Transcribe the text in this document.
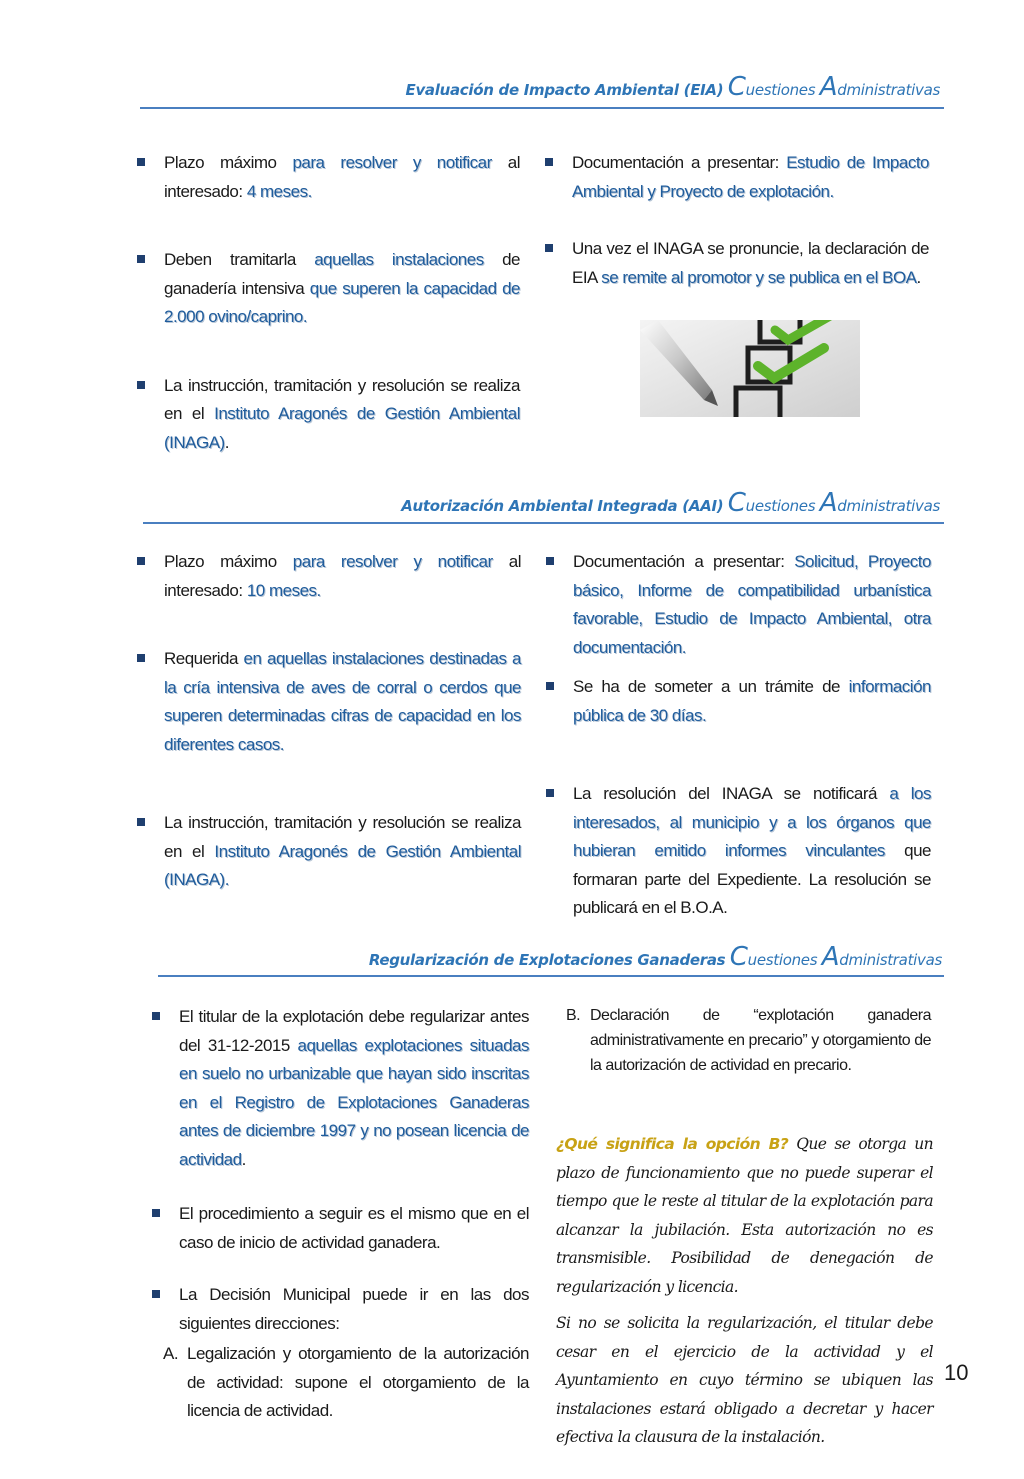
Evaluación de Impacto Ambiental (EIA) Cuestiones Administrativas
Plazo máximo para resolver y notificar al interesado: 4 meses.
Deben tramitarla aquellas instalaciones de ganadería intensiva que superen la capacidad de 2.000 ovino/caprino.
La instrucción, tramitación y resolución se realiza en el Instituto Aragonés de Gestión Ambiental (INAGA).
Documentación a presentar: Estudio de Impacto Ambiental y Proyecto de explotación.
Una vez el INAGA se pronuncie, la declaración de EIA se remite al promotor y se publica en el BOA.
Autorización Ambiental Integrada (AAI) Cuestiones Administrativas
Plazo máximo para resolver y notificar al interesado: 10 meses.
Requerida en aquellas instalaciones destinadas a la cría intensiva de aves de corral o cerdos que superen determinadas cifras de capacidad en los diferentes casos.
La instrucción, tramitación y resolución se realiza en el Instituto Aragonés de Gestión Ambiental (INAGA).
Documentación a presentar: Solicitud, Proyecto básico, Informe de compatibilidad urbanística favorable, Estudio de Impacto Ambiental, otra documentación.
Se ha de someter a un trámite de información pública de 30 días.
La resolución del INAGA se notificará a los interesados, al municipio y a los órganos que hubieran emitido informes vinculantes que formaran parte del Expediente. La resolución se publicará en el B.O.A.
Regularización de Explotaciones Ganaderas Cuestiones Administrativas
El titular de la explotación debe regularizar antes del 31-12-2015 aquellas explotaciones situadas en suelo no urbanizable que hayan sido inscritas en el Registro de Explotaciones Ganaderas antes de diciembre 1997 y no posean licencia de actividad.
El procedimiento a seguir es el mismo que en el caso de inicio de actividad ganadera.
La Decisión Municipal puede ir en las dos siguientes direcciones:
A. Legalización y otorgamiento de la autorización de actividad: supone el otorgamiento de la licencia de actividad.
B. Declaración de “explotación ganadera administrativamente en precario” y otorgamiento de la autorización de actividad en precario.
¿Qué significa la opción B? Que se otorga un plazo de funcionamiento que no puede superar el tiempo que le reste al titular de la explotación para alcanzar la jubilación. Esta autorización no es transmisible. Posibilidad de denegación de regularización y licencia.
Si no se solicita la regularización, el titular debe cesar en el ejercicio de la actividad y el Ayuntamiento en cuyo término se ubiquen las instalaciones estará obligado a decretar y hacer efectiva la clausura de la instalación.
10
